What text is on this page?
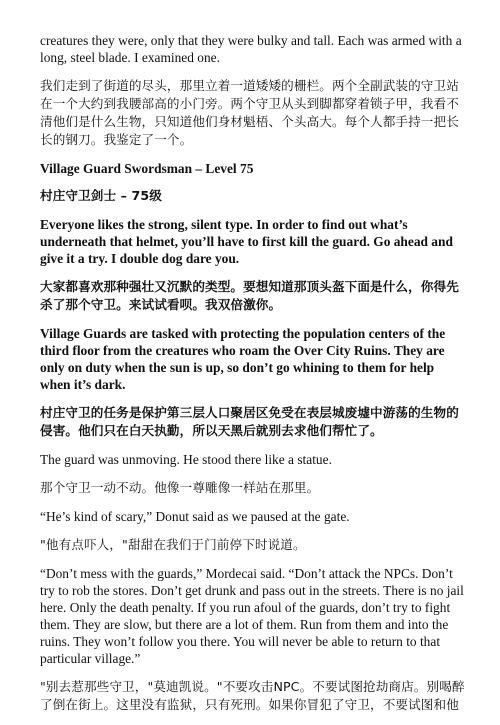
creatures they were, only that they were bulky and tall. Each was armed with a long, steel blade. I examined one.

我们走到了街道的尽头，那里立着一道矮矮的栅栏。两个全副武装的守卫站在一个大约到我腰部高的小门旁。两个守卫从头到脚都穿着锁子甲，我看不清他们是什么生物，只知道他们身材魁梧、个头高大。每个人都手持一把长长的钢刀。我鉴定了一个。

Village Guard Swordsman – Level 75

村庄守卫剑士 – 75级

Everyone likes the strong, silent type. In order to find out what’s underneath that helmet, you’ll have to first kill the guard. Go ahead and give it a try. I double dog dare you.

大家都喜欢那种强壮又沉默的类型。要想知道那顶头盔下面是什么，你得先杀了那个守卫。来试试看呗。我双倍激你。

Village Guards are tasked with protecting the population centers of the third floor from the creatures who roam the Over City Ruins. They are only on duty when the sun is up, so don’t go whining to them for help when it’s dark.

村庄守卫的任务是保护第三层人口聚居区免受在表层城废墟中游荡的生物的侵害。他们只在白天执勤，所以天黑后就别去求他们帮忙了。

The guard was unmoving. He stood there like a statue.

那个守卫一动不动。他像一尊雕像一样站在那里。

“He’s kind of scary,” Donut said as we paused at the gate.

"他有点吓人，"甜甜在我们于门前停下时说道。

“Don’t mess with the guards,” Mordecai said. “Don’t attack the NPCs. Don’t try to rob the stores. Don’t get drunk and pass out in the streets. There is no jail here. Only the death penalty. If you run afoul of the guards, don’t try to fight them. They are slow, but there are a lot of them. Run from them and into the ruins. They won’t follow you there. You will never be able to return to that particular village.”

"别去惹那些守卫，"莫迪凯说。"不要攻击NPC。不要试图抢劫商店。别喝醉了倒在街上。这里没有监狱，只有死刑。如果你冒犯了守卫，不要试图和他
